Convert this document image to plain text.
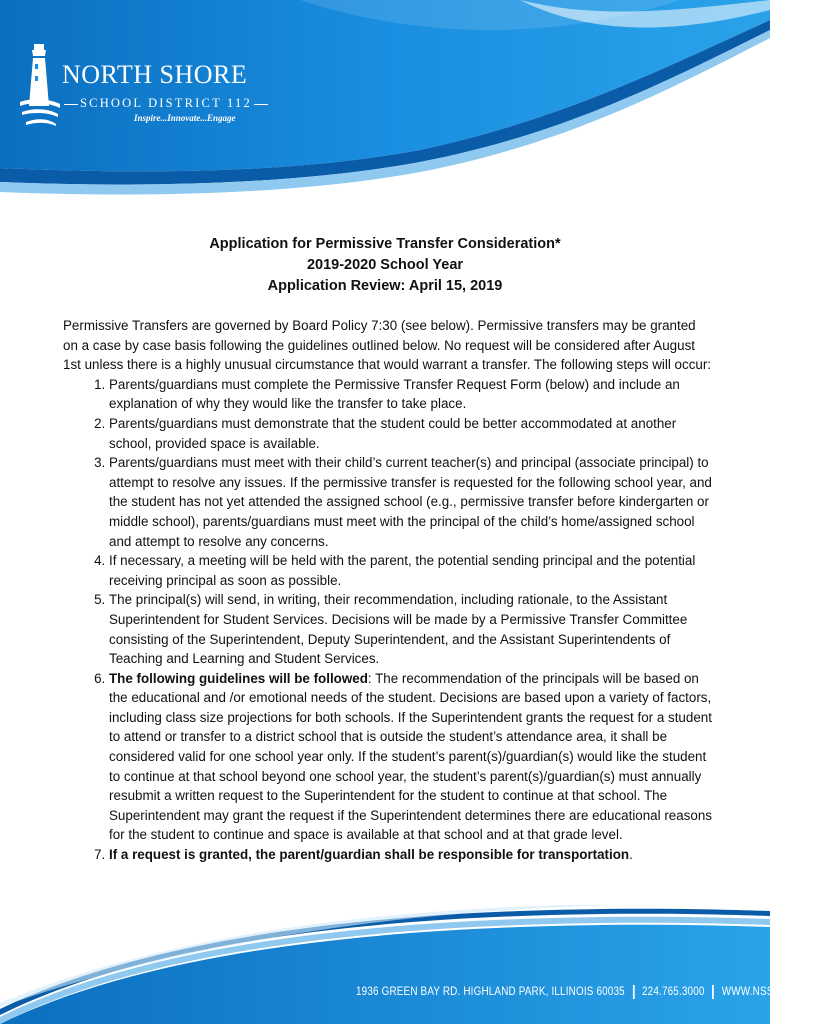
NORTH SHORE
SCHOOL DISTRICT 112
Inspire...Innovate...Engage
Application for Permissive Transfer Consideration*
2019-2020 School Year
Application Review: April 15, 2019

Permissive Transfers are governed by Board Policy 7:30 (see below). Permissive transfers may be granted on a case by case basis following the guidelines outlined below. No request will be considered after August 1st unless there is a highly unusual circumstance that would warrant a transfer. The following steps will occur:

1. Parents/guardians must complete the Permissive Transfer Request Form (below) and include an explanation of why they would like the transfer to take place.
2. Parents/guardians must demonstrate that the student could be better accommodated at another school, provided space is available.
3. Parents/guardians must meet with their child’s current teacher(s) and principal (associate principal) to attempt to resolve any issues. If the permissive transfer is requested for the following school year, and the student has not yet attended the assigned school (e.g., permissive transfer before kindergarten or middle school), parents/guardians must meet with the principal of the child’s home/assigned school and attempt to resolve any concerns.
4. If necessary, a meeting will be held with the parent, the potential sending principal and the potential receiving principal as soon as possible.
5. The principal(s) will send, in writing, their recommendation, including rationale, to the Assistant Superintendent for Student Services. Decisions will be made by a Permissive Transfer Committee consisting of the Superintendent, Deputy Superintendent, and the Assistant Superintendents of Teaching and Learning and Student Services.
6. The following guidelines will be followed: The recommendation of the principals will be based on the educational and /or emotional needs of the student. Decisions are based upon a variety of factors, including class size projections for both schools. If the Superintendent grants the request for a student to attend or transfer to a district school that is outside the student’s attendance area, it shall be considered valid for one school year only. If the student’s parent(s)/guardian(s) would like the student to continue at that school beyond one school year, the student’s parent(s)/guardian(s) must annually resubmit a written request to the Superintendent for the student to continue at that school. The Superintendent may grant the request if the Superintendent determines there are educational reasons for the student to continue and space is available at that school and at that grade level.
7. If a request is granted, the parent/guardian shall be responsible for transportation.
1936 GREEN BAY RD. HIGHLAND PARK, ILLINOIS 60035 224.765.3000 WWW.NSSD112.ORG
